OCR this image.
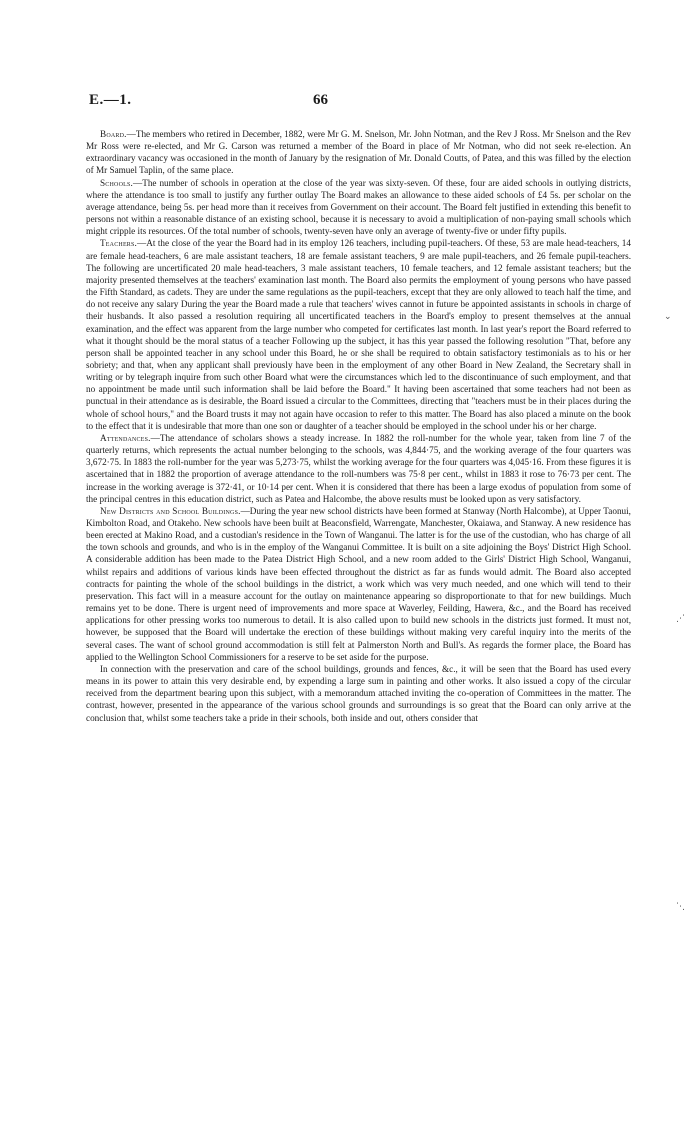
E.—1.	66

Board.—The members who retired in December, 1882, were Mr G. M. Snelson, Mr. John Notman, and the Rev J Ross. Mr Snelson and the Rev Mr Ross were re-elected, and Mr G. Carson was returned a member of the Board in place of Mr Notman, who did not seek re-election. An extraordinary vacancy was occasioned in the month of January by the resignation of Mr. Donald Coutts, of Patea, and this was filled by the election of Mr Samuel Taplin, of the same place.

Schools.—The number of schools in operation at the close of the year was sixty-seven. Of these, four are aided schools in outlying districts, where the attendance is too small to justify any further outlay The Board makes an allowance to these aided schools of £4 5s. per scholar on the average attendance, being 5s. per head more than it receives from Government on their account. The Board felt justified in extending this benefit to persons not within a reasonable distance of an existing school, because it is necessary to avoid a multiplication of non-paying small schools which might cripple its resources. Of the total number of schools, twenty-seven have only an average of twenty-five or under fifty pupils.

Teachers.—At the close of the year the Board had in its employ 126 teachers, including pupil-teachers. Of these, 53 are male head-teachers, 14 are female head-teachers, 6 are male assistant teachers, 18 are female assistant teachers, 9 are male pupil-teachers, and 26 female pupil-teachers. The following are uncertificated 20 male head-teachers, 3 male assistant teachers, 10 female teachers, and 12 female assistant teachers; but the majority presented themselves at the teachers' examination last month. The Board also permits the employment of young persons who have passed the Fifth Standard, as cadets. They are under the same regulations as the pupil-teachers, except that they are only allowed to teach half the time, and do not receive any salary During the year the Board made a rule that teachers' wives cannot in future be appointed assistants in schools in charge of their husbands. It also passed a resolution requiring all uncertificated teachers in the Board's employ to present themselves at the annual examination, and the effect was apparent from the large number who competed for certificates last month. In last year's report the Board referred to what it thought should be the moral status of a teacher Following up the subject, it has this year passed the following resolution "That, before any person shall be appointed teacher in any school under this Board, he or she shall be required to obtain satisfactory testimonials as to his or her sobriety; and that, when any applicant shall previously have been in the employment of any other Board in New Zealand, the Secretary shall in writing or by telegraph inquire from such other Board what were the circumstances which led to the discontinuance of such employment, and that no appointment be made until such information shall be laid before the Board." It having been ascertained that some teachers had not been as punctual in their attendance as is desirable, the Board issued a circular to the Committees, directing that "teachers must be in their places during the whole of school hours," and the Board trusts it may not again have occasion to refer to this matter. The Board has also placed a minute on the book to the effect that it is undesirable that more than one son or daughter of a teacher should be employed in the school under his or her charge.

Attendances.—The attendance of scholars shows a steady increase. In 1882 the roll-number for the whole year, taken from line 7 of the quarterly returns, which represents the actual number belonging to the schools, was 4,844·75, and the working average of the four quarters was 3,672·75. In 1883 the roll-number for the year was 5,273·75, whilst the working average for the four quarters was 4,045·16. From these figures it is ascertained that in 1882 the proportion of average attendance to the roll-numbers was 75·8 per cent., whilst in 1883 it rose to 76·73 per cent. The increase in the working average is 372·41, or 10·14 per cent. When it is considered that there has been a large exodus of population from some of the principal centres in this education district, such as Patea and Halcombe, the above results must be looked upon as very satisfactory.

New Districts and School Buildings.—During the year new school districts have been formed at Stanway (North Halcombe), at Upper Taonui, Kimbolton Road, and Otakeho. New schools have been built at Beaconsfield, Warrengate, Manchester, Okaiawa, and Stanway. A new residence has been erected at Makino Road, and a custodian's residence in the Town of Wanganui. The latter is for the use of the custodian, who has charge of all the town schools and grounds, and who is in the employ of the Wanganui Committee. It is built on a site adjoining the Boys' District High School. A considerable addition has been made to the Patea District High School, and a new room added to the Girls' District High School, Wanganui, whilst repairs and additions of various kinds have been effected throughout the district as far as funds would admit. The Board also accepted contracts for painting the whole of the school buildings in the district, a work which was very much needed, and one which will tend to their preservation. This fact will in a measure account for the outlay on maintenance appearing so disproportionate to that for new buildings. Much remains yet to be done. There is urgent need of improvements and more space at Waverley, Feilding, Hawera, &c., and the Board has received applications for other pressing works too numerous to detail. It is also called upon to build new schools in the districts just formed. It must not, however, be supposed that the Board will undertake the erection of these buildings without making very careful inquiry into the merits of the several cases. The want of school ground accommodation is still felt at Palmerston North and Bull's. As regards the former place, the Board has applied to the Wellington School Commissioners for a reserve to be set aside for the purpose.

In connection with the preservation and care of the school buildings, grounds and fences, &c., it will be seen that the Board has used every means in its power to attain this very desirable end, by expending a large sum in painting and other works. It also issued a copy of the circular received from the department bearing upon this subject, with a memorandum attached inviting the co-operation of Committees in the matter. The contrast, however, presented in the appearance of the various school grounds and surroundings is so great that the Board can only arrive at the conclusion that, whilst some teachers take a pride in their schools, both inside and out, others consider that

⌄
⋰
⋱
